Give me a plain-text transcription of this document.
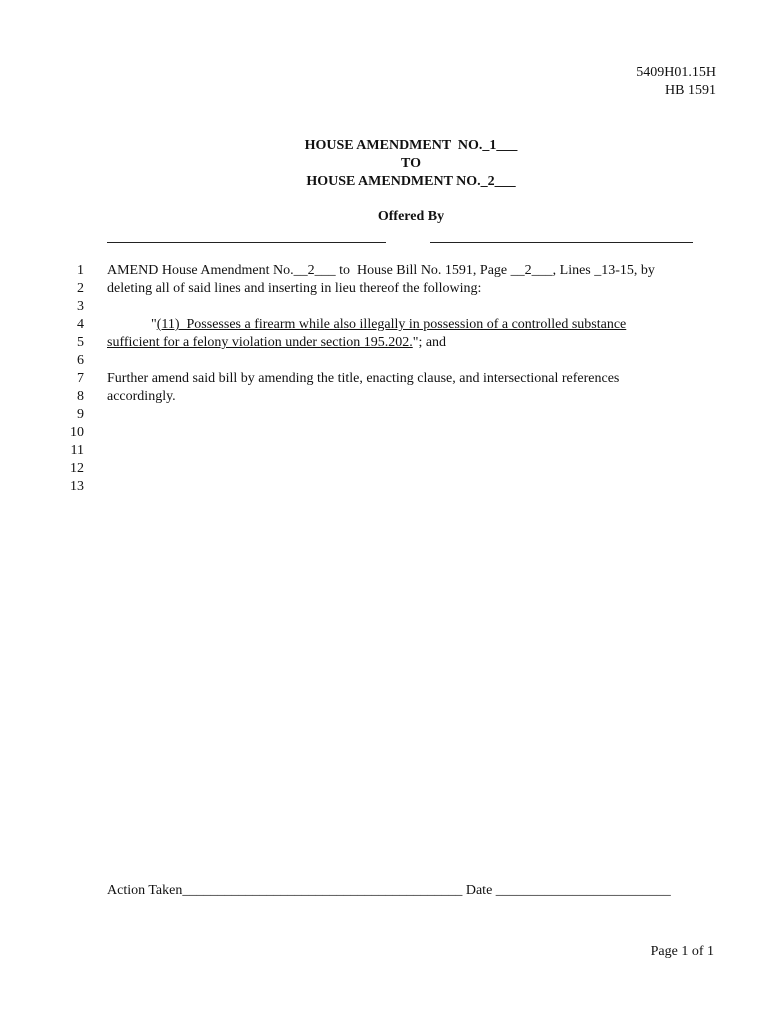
5409H01.15H
HB 1591
HOUSE AMENDMENT  NO._1___
TO
HOUSE AMENDMENT NO._2___
Offered By
1
2
3
4
5
6
7
8
9
10
11
12
13
AMEND House Amendment No.__2___ to  House Bill No. 1591, Page __2___, Lines _13-15, by
deleting all of said lines and inserting in lieu thereof the following:
"(11)  Possesses a firearm while also illegally in possession of a controlled substance
sufficient for a felony violation under section 195.202."; and
Further amend said bill by amending the title, enacting clause, and intersectional references
accordingly.
Action Taken________________________________________ Date _________________________
Page 1 of 1
